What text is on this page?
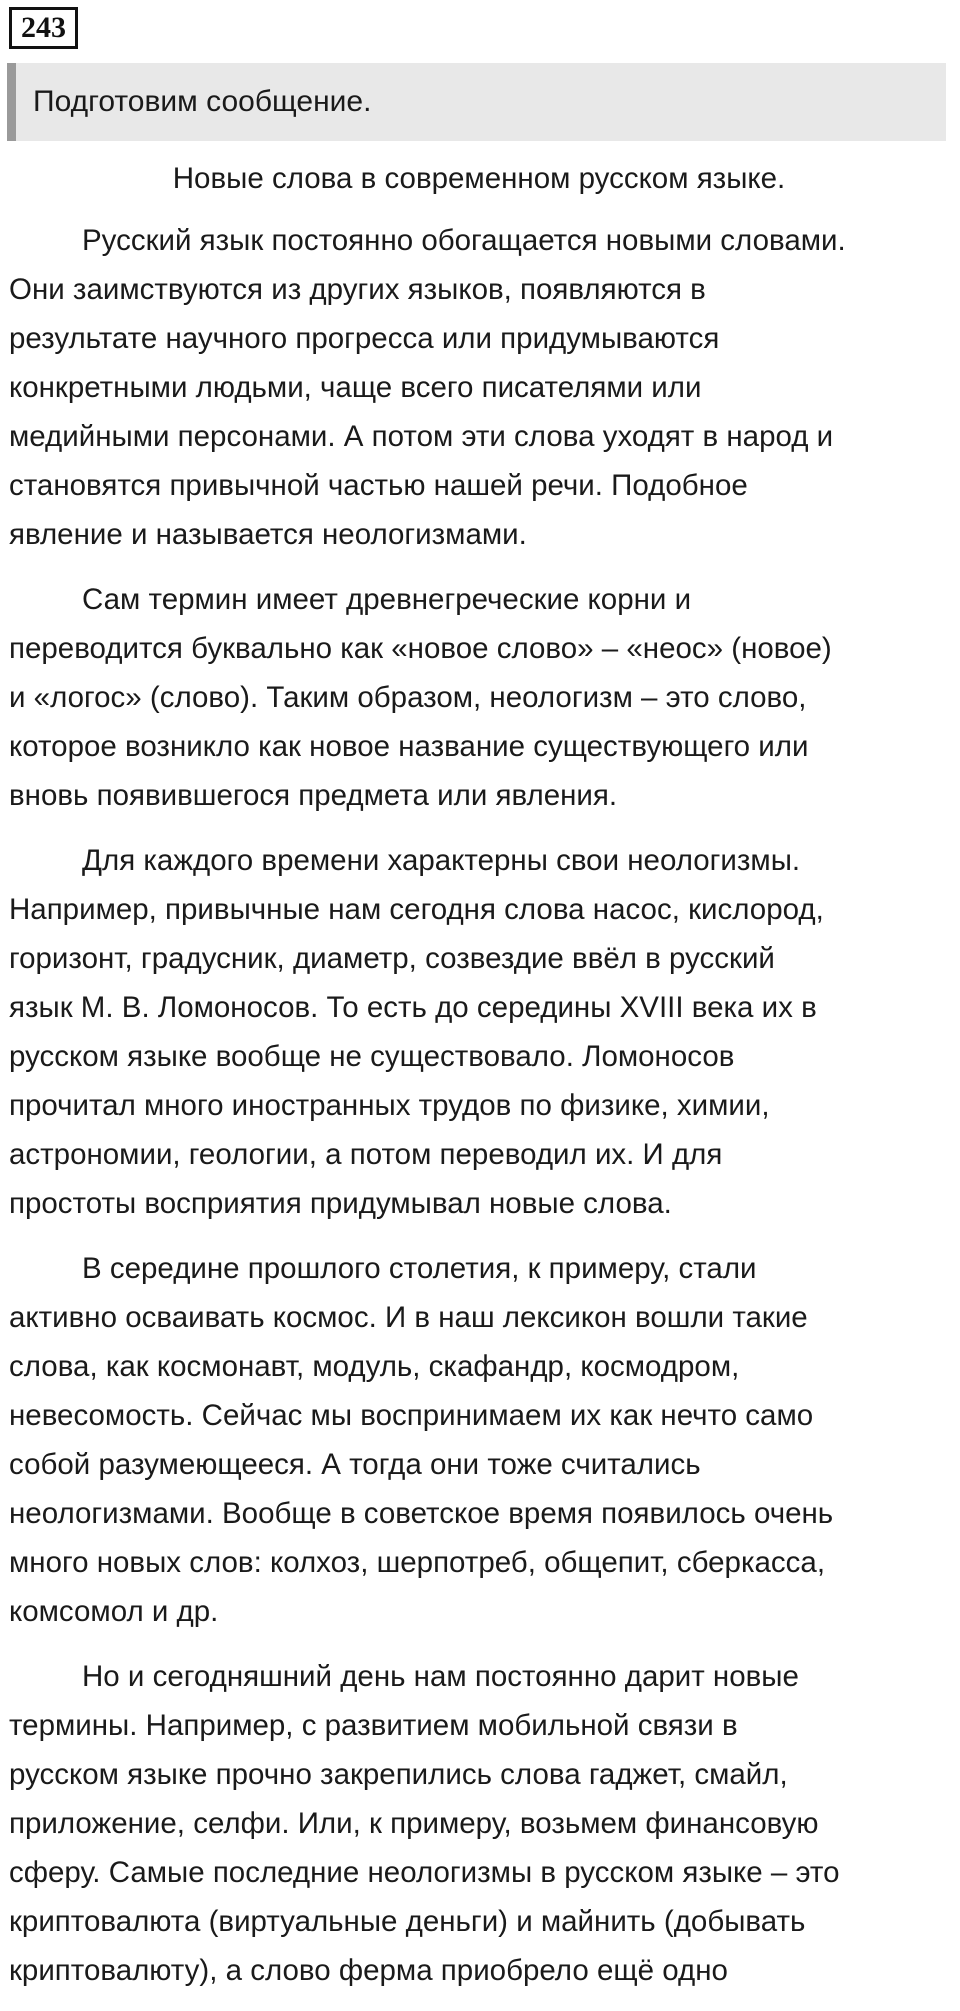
243
Подготовим сообщение.
Новые слова в современном русском языке.
Русский язык постоянно обогащается новыми словами.
Они заимствуются из других языков, появляются в
результате научного прогресса или придумываются
конкретными людьми, чаще всего писателями или
медийными персонами. А потом эти слова уходят в народ и
становятся привычной частью нашей речи. Подобное
явление и называется неологизмами.
Сам термин имеет древнегреческие корни и
переводится буквально как «новое слово» – «неос» (новое)
и «логос» (слово). Таким образом, неологизм – это слово,
которое возникло как новое название существующего или
вновь появившегося предмета или явления.
Для каждого времени характерны свои неологизмы.
Например, привычные нам сегодня слова насос, кислород,
горизонт, градусник, диаметр, созвездие ввёл в русский
язык М. В. Ломоносов. То есть до середины XVIII века их в
русском языке вообще не существовало. Ломоносов
прочитал много иностранных трудов по физике, химии,
астрономии, геологии, а потом переводил их. И для
простоты восприятия придумывал новые слова.
В середине прошлого столетия, к примеру, стали
активно осваивать космос. И в наш лексикон вошли такие
слова, как космонавт, модуль, скафандр, космодром,
невесомость. Сейчас мы воспринимаем их как нечто само
собой разумеющееся. А тогда они тоже считались
неологизмами. Вообще в советское время появилось очень
много новых слов: колхоз, шерпотреб, общепит, сберкасса,
комсомол и др.
Но и сегодняшний день нам постоянно дарит новые
термины. Например, с развитием мобильной связи в
русском языке прочно закрепились слова гаджет, смайл,
приложение, селфи. Или, к примеру, возьмем финансовую
сферу. Самые последние неологизмы в русском языке – это
криптовалюта (виртуальные деньги) и майнить (добывать
криптовалюту), а слово ферма приобрело ещё одно
